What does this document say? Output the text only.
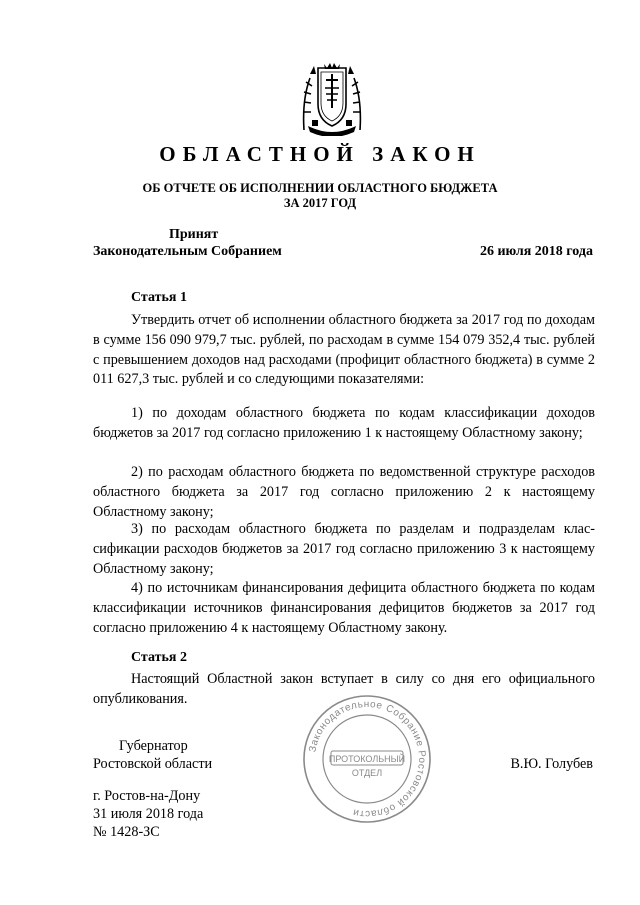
ОБЛАСТНОЙ ЗАКОН
ОБ ОТЧЕТЕ ОБ ИСПОЛНЕНИИ ОБЛАСТНОГО БЮДЖЕТА
ЗА 2017 ГОД
Принят
Законодательным Собранием	26 июля 2018 года
Статья 1

Утвердить отчет об исполнении областного бюджета за 2017 год по доходам в сумме 156 090 979,7 тыс. рублей, по расходам в сумме 154 079 352,4 тыс. рублей с превышением доходов над расходами (профицит областного бюджета) в сумме 2 011 627,3 тыс. рублей и со следующими показателями:

1) по доходам областного бюджета по кодам классификации доходов бюджетов за 2017 год согласно приложению 1 к настоящему Областному закону;

2) по расходам областного бюджета по ведомственной структуре расходов областного бюджета за 2017 год согласно приложению 2 к настоящему Областному закону;

3) по расходам областного бюджета по разделам и подразделам классификации расходов бюджетов за 2017 год согласно приложению 3 к настоящему Областному закону;

4) по источникам финансирования дефицита областного бюджета по кодам классификации источников финансирования дефицитов бюджетов за 2017 год согласно приложению 4 к настоящему Областному закону.

Статья 2

Настоящий Областной закон вступает в силу со дня его официального опубликования.

Законодательное Собрание Ростовской области
ПРОТОКОЛЬНЫЙ
ОТДЕЛ
Губернатор
Ростовской области	В.Ю. Голубев
г. Ростов-на-Дону
31 июля 2018 года
№ 1428-ЗС
